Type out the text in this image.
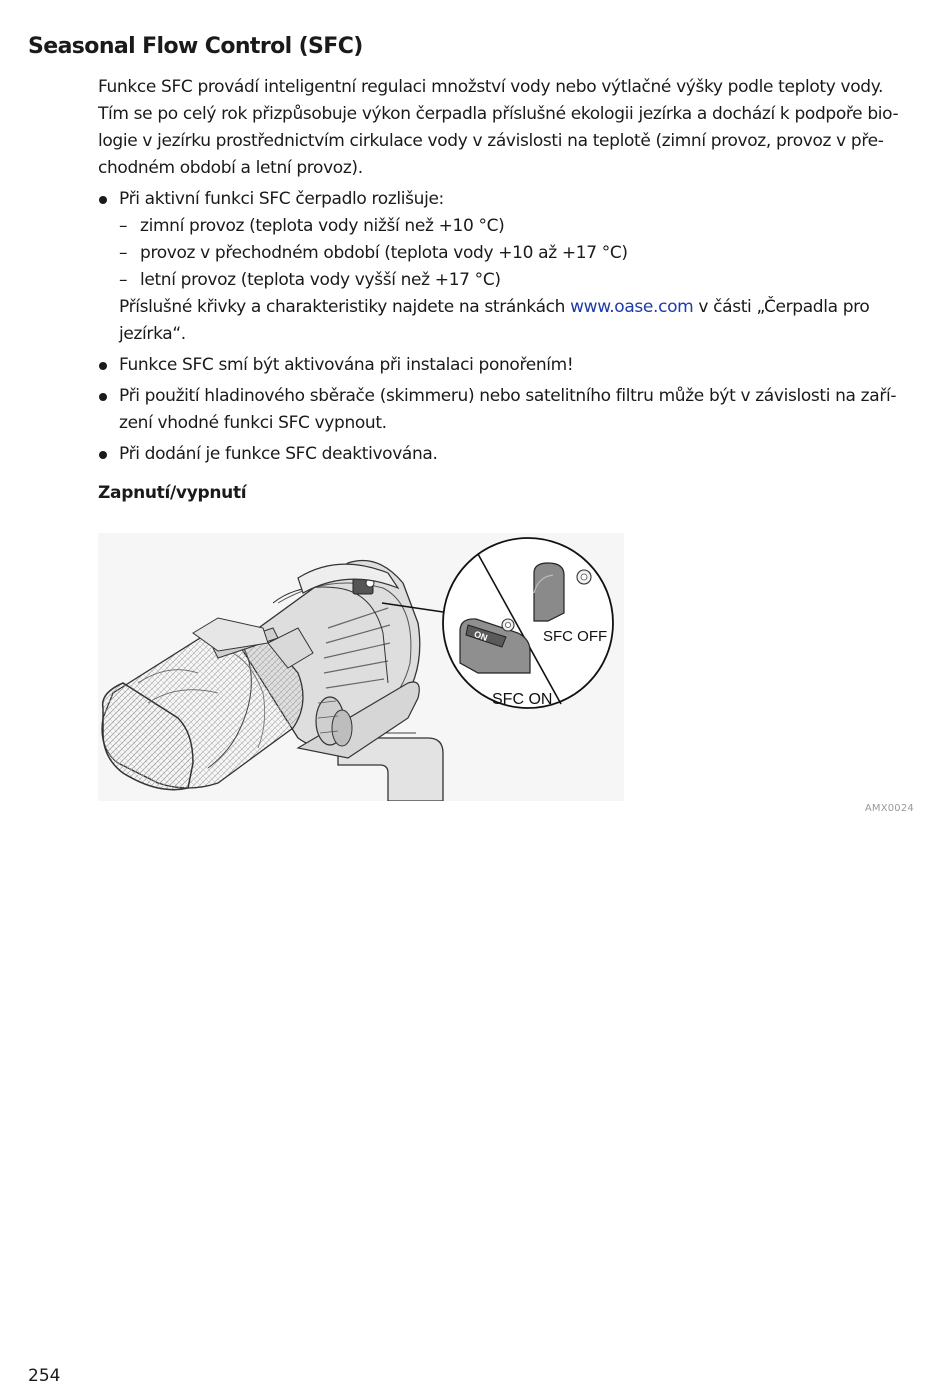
Seasonal Flow Control (SFC)

Funkce SFC provádí inteligentní regulaci množství vody nebo výtlačné výšky podle teploty vody.
Tím se po celý rok přizpůsobuje výkon čerpadla příslušné ekologii jezírka a dochází k podpoře bio-
logie v jezírku prostřednictvím cirkulace vody v závislosti na teplotě (zimní provoz, provoz v pře-
chodném období a letní provoz).

Při aktivní funkci SFC čerpadlo rozlišuje:
– zimní provoz (teplota vody nižší než +10 °C)
– provoz v přechodném období (teplota vody +10 až +17 °C)
– letní provoz (teplota vody vyšší než +17 °C)
Příslušné křivky a charakteristiky najdete na stránkách www.oase.com v části „Čerpadla pro
jezírka“.
Funkce SFC smí být aktivována při instalaci ponořením!
Při použití hladinového sběrače (skimmeru) nebo satelitního filtru může být v závislosti na zaří-
zení vhodné funkci SFC vypnout.
Při dodání je funkce SFC deaktivována.
Zapnutí/vypnutí
SFC OFF
ON
SFC ON
AMX0024
254
